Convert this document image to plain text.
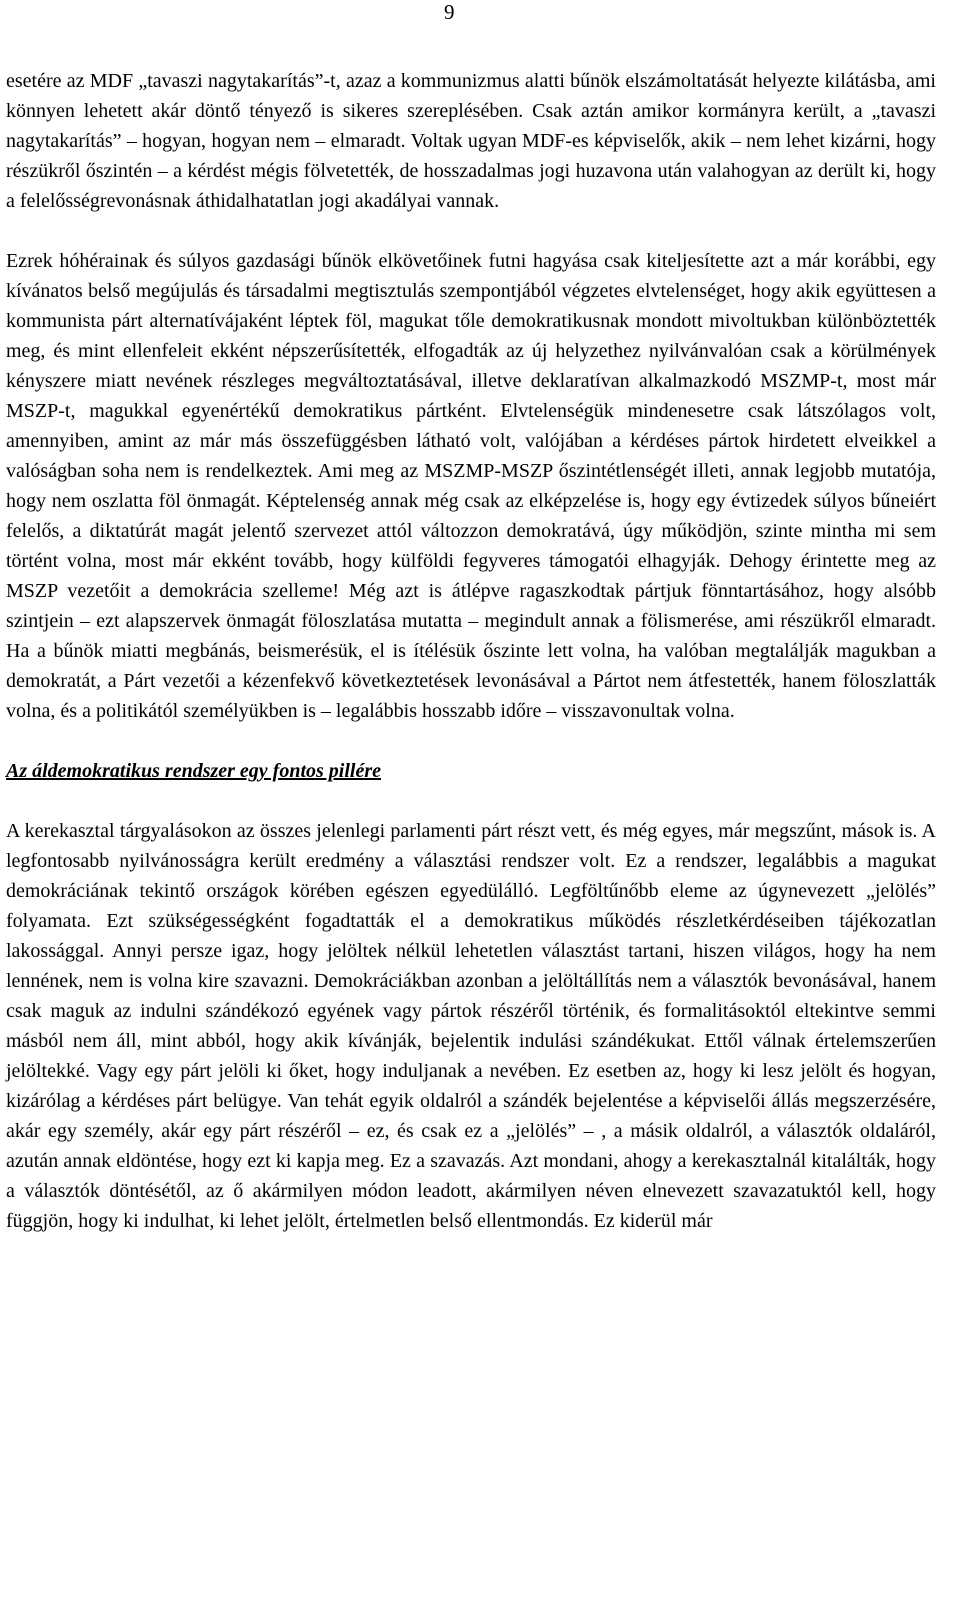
9

esetére az MDF „tavaszi nagytakarítás”-t, azaz a kommunizmus alatti bűnök elszámoltatását helyezte kilátásba, ami könnyen lehetett akár döntő tényező is sikeres szereplésében. Csak aztán amikor kormányra került, a „tavaszi nagytakarítás” – hogyan, hogyan nem – elmaradt. Voltak ugyan MDF-es képviselők, akik – nem lehet kizárni, hogy részükről őszintén – a kérdést mégis fölvetették, de hosszadalmas jogi huzavona után valahogyan az derült ki, hogy a felelősségrevonásnak áthidalhatatlan jogi akadályai vannak.

Ezrek hóhérainak és súlyos gazdasági bűnök elkövetőinek futni hagyása csak kiteljesítette azt a már korábbi, egy kívánatos belső megújulás és társadalmi megtisztulás szempontjából végzetes elvtelenséget, hogy akik együttesen a kommunista párt alternatívájaként léptek föl, magukat tőle demokratikusnak mondott mivoltukban különböztették meg, és mint ellenfeleit ekként népszerűsítették, elfogadták az új helyzethez nyilvánvalóan csak a körülmények kényszere miatt nevének részleges megváltoztatásával, illetve deklaratívan alkalmazkodó MSZMP-t, most már MSZP-t, magukkal egyenértékű demokratikus pártként. Elvtelenségük mindenesetre csak látszólagos volt, amennyiben, amint az már más összefüggésben látható volt, valójában a kérdéses pártok hirdetett elveikkel a valóságban soha nem is rendelkeztek. Ami meg az MSZMP-MSZP őszintétlenségét illeti, annak legjobb mutatója, hogy nem oszlatta föl önmagát. Képtelenség annak még csak az elképzelése is, hogy egy évtizedek súlyos bűneiért felelős, a diktatúrát magát jelentő szervezet attól változzon demokratává, úgy működjön, szinte mintha mi sem történt volna, most már ekként tovább, hogy külföldi fegyveres támogatói elhagyják. Dehogy érintette meg az MSZP vezetőit a demokrácia szelleme! Még azt is átlépve ragaszkodtak pártjuk fönntartásához, hogy alsóbb szintjein – ezt alapszervek önmagát föloszlatása mutatta – megindult annak a fölismerése, ami részükről elmaradt. Ha a bűnök miatti megbánás, beismerésük, el is ítélésük őszinte lett volna, ha valóban megtalálják magukban a demokratát, a Párt vezetői a kézenfekvő következtetések levonásával a Pártot nem átfestették, hanem föloszlatták volna, és a politikától személyükben is – legalábbis hosszabb időre – visszavonultak volna.

Az áldemokratikus rendszer egy fontos pillére

A kerekasztal tárgyalásokon az összes jelenlegi parlamenti párt részt vett, és még egyes, már megszűnt, mások is. A legfontosabb nyilvánosságra került eredmény a választási rendszer volt. Ez a rendszer, legalábbis a magukat demokráciának tekintő országok körében egészen egyedülálló. Legföltűnőbb eleme az úgynevezett „jelölés” folyamata. Ezt szükségességként fogadtatták el a demokratikus működés részletkérdéseiben tájékozatlan lakossággal. Annyi persze igaz, hogy jelöltek nélkül lehetetlen választást tartani, hiszen világos, hogy ha nem lennének, nem is volna kire szavazni. Demokráciákban azonban a jelöltállítás nem a választók bevonásával, hanem csak maguk az indulni szándékozó egyének vagy pártok részéről történik, és formalitásoktól eltekintve semmi másból nem áll, mint abból, hogy akik kívánják, bejelentik indulási szándékukat. Ettől válnak értelemszerűen jelöltekké. Vagy egy párt jelöli ki őket, hogy induljanak a nevében. Ez esetben az, hogy ki lesz jelölt és hogyan, kizárólag a kérdéses párt belügye. Van tehát egyik oldalról a szándék bejelentése a képviselői állás megszerzésére, akár egy személy, akár egy párt részéről – ez, és csak ez a „jelölés” – , a másik oldalról, a választók oldaláról, azután annak eldöntése, hogy ezt ki kapja meg. Ez a szavazás. Azt mondani, ahogy a kerekasztalnál kitalálták, hogy a választók döntésétől, az ő akármilyen módon leadott, akármilyen néven elnevezett szavazatuktól kell, hogy függjön, hogy ki indulhat, ki lehet jelölt, értelmetlen belső ellentmondás. Ez kiderül már
